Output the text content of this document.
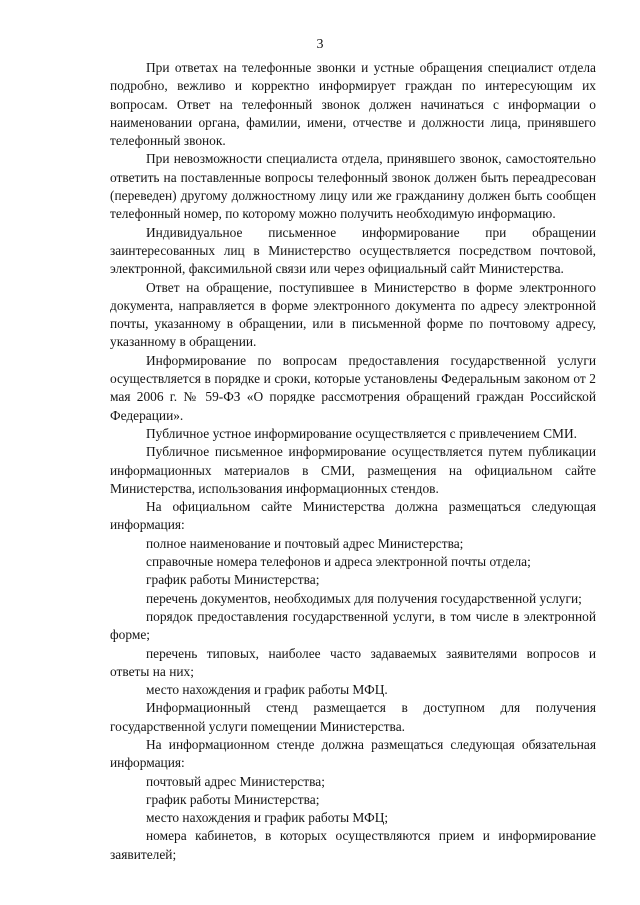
3

При ответах на телефонные звонки и устные обращения специалист отдела подробно, вежливо и корректно информирует граждан по интересующим их вопросам. Ответ на телефонный звонок должен начинаться с информации о наименовании органа, фамилии, имени, отчестве и должности лица, принявшего телефонный звонок.

При невозможности специалиста отдела, принявшего звонок, самостоятельно ответить на поставленные вопросы телефонный звонок должен быть переадресован (переведен) другому должностному лицу или же гражданину должен быть сообщен телефонный номер, по которому можно получить необходимую информацию.

Индивидуальное письменное информирование при обращении заинтересованных лиц в Министерство осуществляется посредством почтовой, электронной, факсимильной связи или через официальный сайт Министерства.

Ответ на обращение, поступившее в Министерство в форме электронного документа, направляется в форме электронного документа по адресу электронной почты, указанному в обращении, или в письменной форме по почтовому адресу, указанному в обращении.

Информирование по вопросам предоставления государственной услуги осуществляется в порядке и сроки, которые установлены Федеральным законом от 2 мая 2006 г. № 59-ФЗ «О порядке рассмотрения обращений граждан Российской Федерации».

Публичное устное информирование осуществляется с привлечением СМИ.

Публичное письменное информирование осуществляется путем публикации информационных материалов в СМИ, размещения на официальном сайте Министерства, использования информационных стендов.

На официальном сайте Министерства должна размещаться следующая информация:

полное наименование и почтовый адрес Министерства;

справочные номера телефонов и адреса электронной почты отдела;

график работы Министерства;

перечень документов, необходимых для получения государственной услуги;

порядок предоставления государственной услуги, в том числе в электронной форме;

перечень типовых, наиболее часто задаваемых заявителями вопросов и ответы на них;

место нахождения и график работы МФЦ.

Информационный стенд размещается в доступном для получения государственной услуги помещении Министерства.

На информационном стенде должна размещаться следующая обязательная информация:

почтовый адрес Министерства;

график работы Министерства;

место нахождения и график работы МФЦ;

номера кабинетов, в которых осуществляются прием и информирование заявителей;
